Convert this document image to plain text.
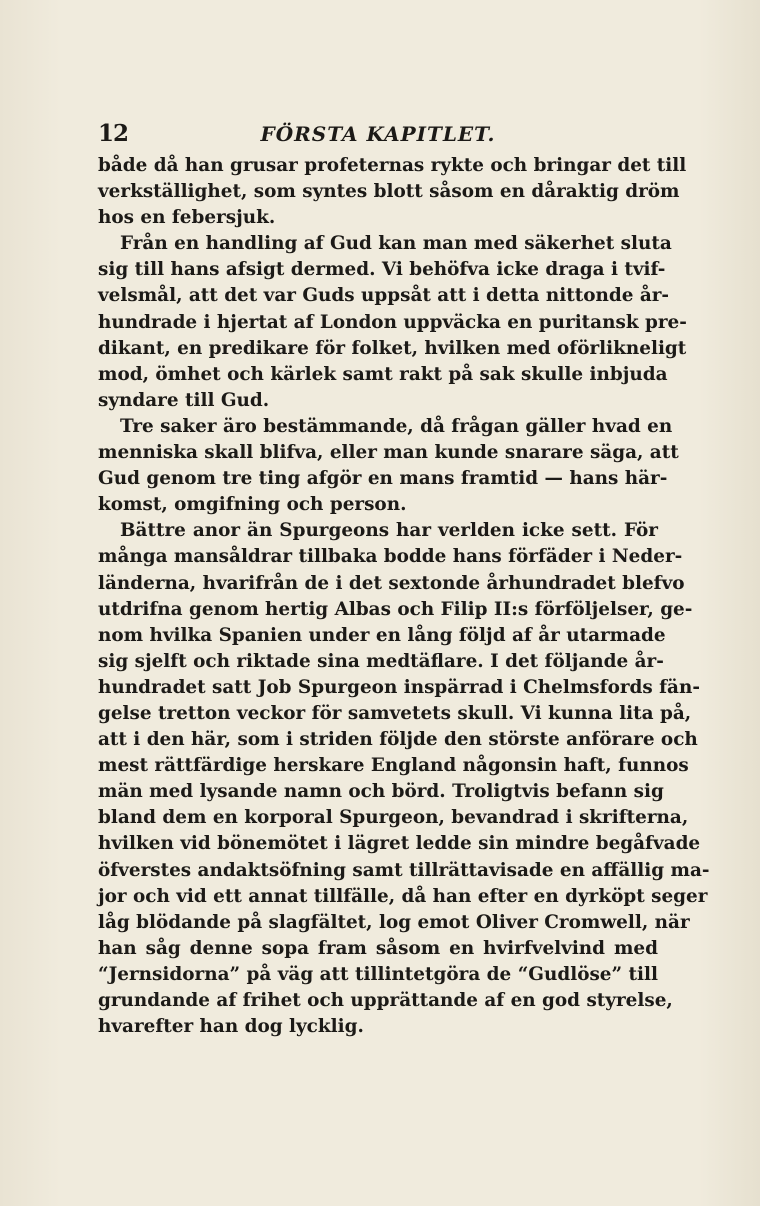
12	FÖRSTA KAPITLET.
både då han grusar profeternas rykte och bringar det till
verkställighet, som syntes blott såsom en dåraktig dröm
hos en febersjuk.
Från en handling af Gud kan man med säkerhet sluta
sig till hans afsigt dermed. Vi behöfva icke draga i tvif-
velsmål, att det var Guds uppsåt att i detta nittonde år-
hundrade i hjertat af London uppväcka en puritansk pre-
dikant, en predikare för folket, hvilken med oförlikneligt
mod, ömhet och kärlek samt rakt på sak skulle inbjuda
syndare till Gud.
Tre saker äro bestämmande, då frågan gäller hvad en
menniska skall blifva, eller man kunde snarare säga, att
Gud genom tre ting afgör en mans framtid — hans här-
komst, omgifning och person.
Bättre anor än Spurgeons har verlden icke sett. För
många mansåldrar tillbaka bodde hans förfäder i Neder-
länderna, hvarifrån de i det sextonde århundradet blefvo
utdrifna genom hertig Albas och Filip II:s förföljelser, ge-
nom hvilka Spanien under en lång följd af år utarmade
sig sjelft och riktade sina medtäflare. I det följande år-
hundradet satt Job Spurgeon inspärrad i Chelmsfords fän-
gelse tretton veckor för samvetets skull. Vi kunna lita på,
att i den här, som i striden följde den störste anförare och
mest rättfärdige herskare England någonsin haft, funnos
män med lysande namn och börd. Troligtvis befann sig
bland dem en korporal Spurgeon, bevandrad i skrifterna,
hvilken vid bönemötet i lägret ledde sin mindre begåfvade
öfverstes andaktsöfning samt tillrättavisade en affällig ma-
jor och vid ett annat tillfälle, då han efter en dyrköpt seger
låg blödande på slagfältet, log emot Oliver Cromwell, när
han såg denne sopa fram såsom en hvirfvelvind med
“Jernsidorna” på väg att tillintetgöra de “Gudlöse” till
grundande af frihet och upprättande af en god styrelse,
hvarefter han dog lycklig.
